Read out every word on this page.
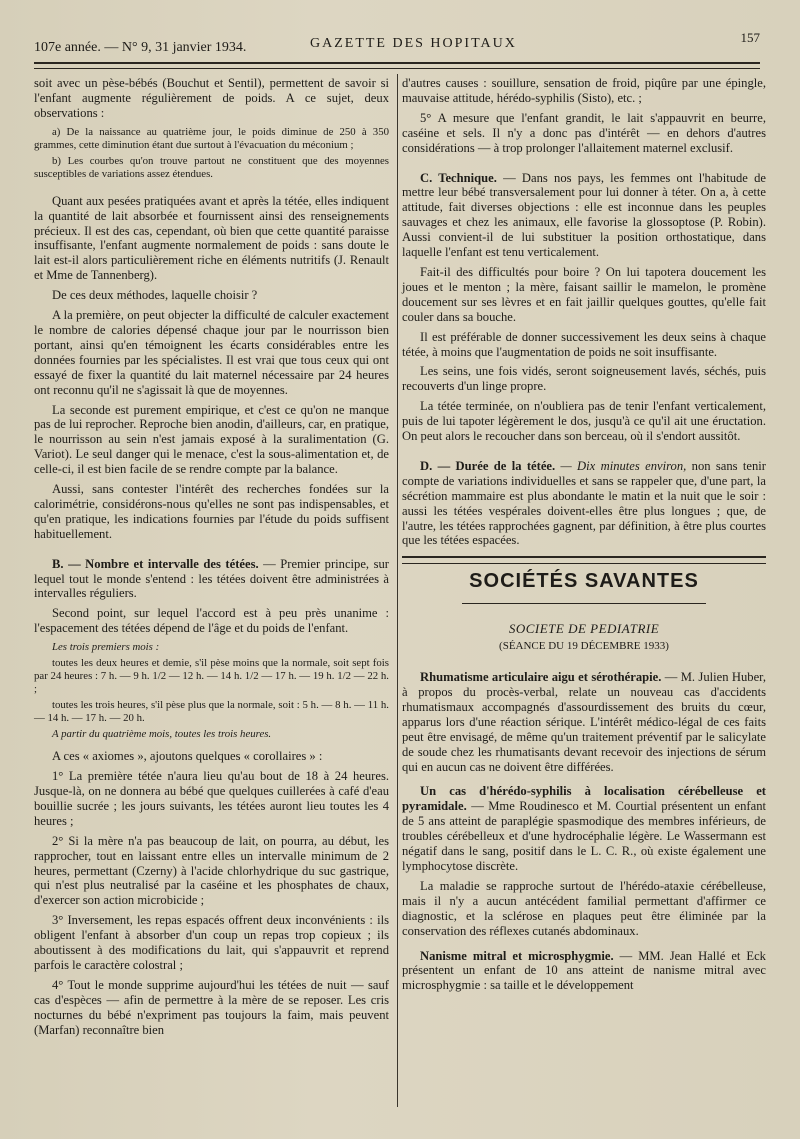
107e année. — N° 9, 31 janvier 1934.	GAZETTE DES HOPITAUX	157

soit avec un pèse-bébés (Bouchut et Sentil), permettent de savoir si l'enfant augmente régulièrement de poids. A ce sujet, deux observations :

a) De la naissance au quatrième jour, le poids diminue de 250 à 350 grammes, cette diminution étant due surtout à l'évacuation du méconium ;

b) Les courbes qu'on trouve partout ne constituent que des moyennes susceptibles de variations assez étendues.

Quant aux pesées pratiquées avant et après la tétée, elles indiquent la quantité de lait absorbée et fournissent ainsi des renseignements précieux. Il est des cas, cependant, où bien que cette quantité paraisse insuffisante, l'enfant augmente normalement de poids : sans doute le lait est-il alors particulièrement riche en éléments nutritifs (J. Renault et Mme de Tannenberg).

De ces deux méthodes, laquelle choisir ?

A la première, on peut objecter la difficulté de calculer exactement le nombre de calories dépensé chaque jour par le nourrisson bien portant, ainsi qu'en témoignent les écarts considérables entre les données fournies par les spécialistes. Il est vrai que tous ceux qui ont essayé de fixer la quantité du lait maternel nécessaire par 24 heures ont reconnu qu'il ne s'agissait là que de moyennes.

La seconde est purement empirique, et c'est ce qu'on ne manque pas de lui reprocher. Reproche bien anodin, d'ailleurs, car, en pratique, le nourrisson au sein n'est jamais exposé à la suralimentation (G. Variot). Le seul danger qui le menace, c'est la sous-alimentation et, de celle-ci, il est bien facile de se rendre compte par la balance.

Aussi, sans contester l'intérêt des recherches fondées sur la calorimétrie, considérons-nous qu'elles ne sont pas indispensables, et qu'en pratique, les indications fournies par l'étude du poids suffisent habituellement.

B. — Nombre et intervalle des tétées. — Premier principe, sur lequel tout le monde s'entend : les tétées doivent être administrées à intervalles réguliers.

Second point, sur lequel l'accord est à peu près unanime : l'espacement des tétées dépend de l'âge et du poids de l'enfant.

Les trois premiers mois :

toutes les deux heures et demie, s'il pèse moins que la normale, soit sept fois par 24 heures : 7 h. — 9 h. 1/2 — 12 h. — 14 h. 1/2 — 17 h. — 19 h. 1/2 — 22 h. ;

toutes les trois heures, s'il pèse plus que la normale, soit : 5 h. — 8 h. — 11 h. — 14 h. — 17 h. — 20 h.

A partir du quatrième mois, toutes les trois heures.

A ces « axiomes », ajoutons quelques « corollaires » :

1° La première tétée n'aura lieu qu'au bout de 18 à 24 heures. Jusque-là, on ne donnera au bébé que quelques cuillerées à café d'eau bouillie sucrée ; les jours suivants, les tétées auront lieu toutes les 4 heures ;

2° Si la mère n'a pas beaucoup de lait, on pourra, au début, les rapprocher, tout en laissant entre elles un intervalle minimum de 2 heures, permettant (Czerny) à l'acide chlorhydrique du suc gastrique, qui n'est plus neutralisé par la caséine et les phosphates de chaux, d'exercer son action microbicide ;

3° Inversement, les repas espacés offrent deux inconvénients : ils obligent l'enfant à absorber d'un coup un repas trop copieux ; ils aboutissent à des modifications du lait, qui s'appauvrit et reprend parfois le caractère colostral ;

4° Tout le monde supprime aujourd'hui les tétées de nuit — sauf cas d'espèces — afin de permettre à la mère de se reposer. Les cris nocturnes du bébé n'expriment pas toujours la faim, mais peuvent (Marfan) reconnaître bien

d'autres causes : souillure, sensation de froid, piqûre par une épingle, mauvaise attitude, hérédo-syphilis (Sisto), etc. ;

5° A mesure que l'enfant grandit, le lait s'appauvrit en beurre, caséine et sels. Il n'y a donc pas d'intérêt — en dehors d'autres considérations — à trop prolonger l'allaitement maternel exclusif.

C. Technique. — Dans nos pays, les femmes ont l'habitude de mettre leur bébé transversalement pour lui donner à téter. On a, à cette attitude, fait diverses objections : elle est inconnue dans les peuples sauvages et chez les animaux, elle favorise la glossoptose (P. Robin). Aussi convient-il de lui substituer la position orthostatique, dans laquelle l'enfant est tenu verticalement.

Fait-il des difficultés pour boire ? On lui tapotera doucement les joues et le menton ; la mère, faisant saillir le mamelon, le promène doucement sur ses lèvres et en fait jaillir quelques gouttes, qu'elle fait couler dans sa bouche.

Il est préférable de donner successivement les deux seins à chaque tétée, à moins que l'augmentation de poids ne soit insuffisante.

Les seins, une fois vidés, seront soigneusement lavés, séchés, puis recouverts d'un linge propre.

La tétée terminée, on n'oubliera pas de tenir l'enfant verticalement, puis de lui tapoter légèrement le dos, jusqu'à ce qu'il ait une éructation. On peut alors le recoucher dans son berceau, où il s'endort aussitôt.

D. — Durée de la tétée. — Dix minutes environ, non sans tenir compte de variations individuelles et sans se rappeler que, d'une part, la sécrétion mammaire est plus abondante le matin et la nuit que le soir : aussi les tétées vespérales doivent-elles être plus longues ; que, de l'autre, les tétées rapprochées gagnent, par définition, à être plus courtes que les tétées espacées.

SOCIÉTÉS SAVANTES
SOCIETE DE PEDIATRIE
(SÉANCE DU 19 DÉCEMBRE 1933)

Rhumatisme articulaire aigu et sérothérapie. — M. Julien Huber, à propos du procès-verbal, relate un nouveau cas d'accidents rhumatismaux accompagnés d'assourdissement des bruits du cœur, apparus lors d'une réaction sérique. L'intérêt médico-légal de ces faits peut être envisagé, de même qu'un traitement préventif par le salicylate de soude chez les rhumatisants devant recevoir des injections de sérum qui en aucun cas ne doivent être différées.

Un cas d'hérédo-syphilis à localisation cérébelleuse et pyramidale. — Mme Roudinesco et M. Courtial présentent un enfant de 5 ans atteint de paraplégie spasmodique des membres inférieurs, de troubles cérébelleux et d'une hydrocéphalie légère. Le Wassermann est négatif dans le sang, positif dans le L. C. R., où existe également une lymphocytose discrète.

La maladie se rapproche surtout de l'hérédo-ataxie cérébelleuse, mais il n'y a aucun antécédent familial permettant d'affirmer ce diagnostic, et la sclérose en plaques peut être éliminée par la conservation des réflexes cutanés abdominaux.

Nanisme mitral et microsphygmie. — MM. Jean Hallé et Eck présentent un enfant de 10 ans atteint de nanisme mitral avec microsphygmie : sa taille et le développement
